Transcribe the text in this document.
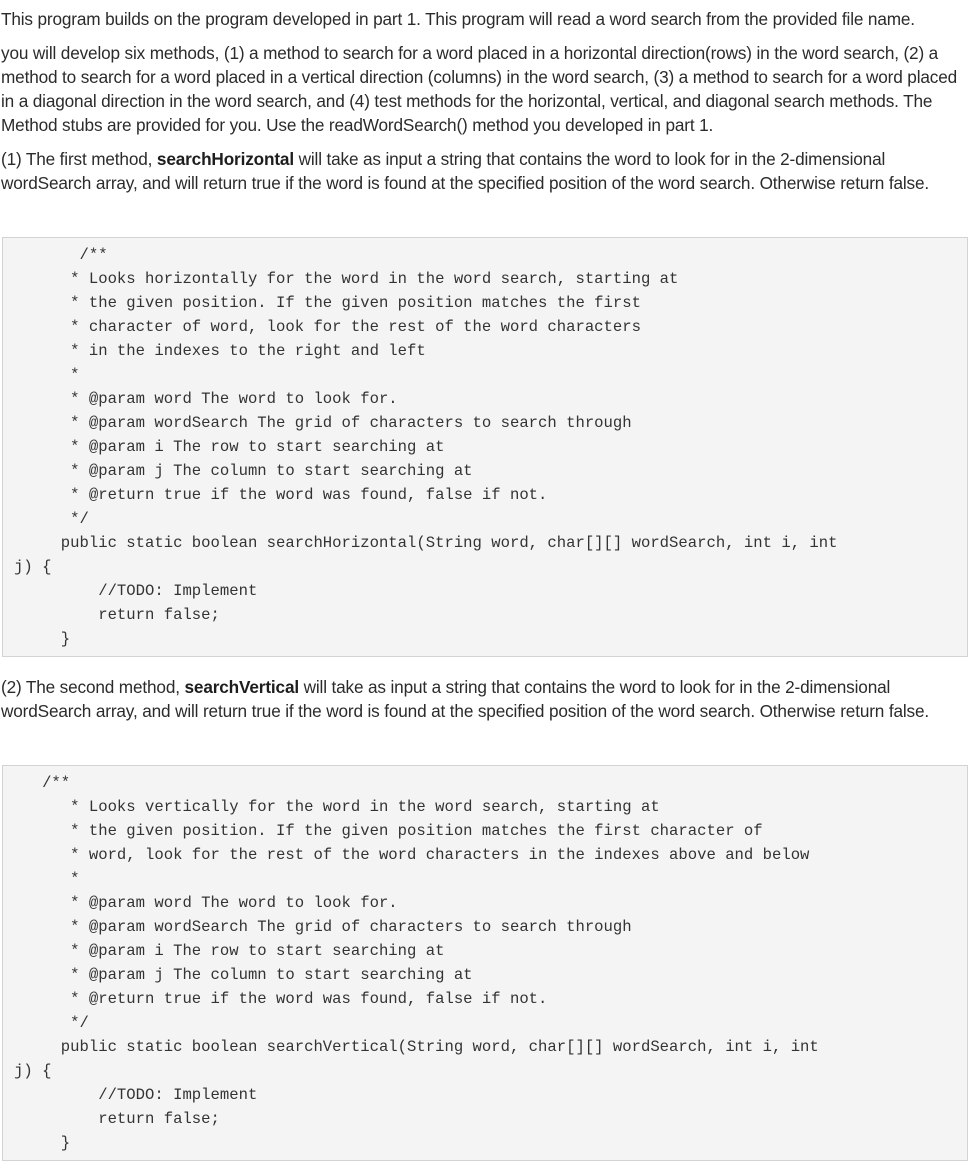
This program builds on the program developed in part 1. This program will read a word search from the provided file name.

you will develop six methods, (1) a method to search for a word placed in a horizontal direction(rows) in the word search, (2) a method to search for a word placed in a vertical direction (columns) in the word search, (3) a method to search for a word placed in a diagonal direction in the word search, and (4) test methods for the horizontal, vertical, and diagonal search methods. The Method stubs are provided for you. Use the readWordSearch() method you developed in part 1.

(1) The first method, searchHorizontal will take as input a string that contains the word to look for in the 2-dimensional wordSearch array, and will return true if the word is found at the specified position of the word search. Otherwise return false.

/**
* Looks horizontally for the word in the word search, starting at
* the given position. If the given position matches the first
* character of word, look for the rest of the word characters
* in the indexes to the right and left
*
* @param word The word to look for.
* @param wordSearch The grid of characters to search through
* @param i The row to start searching at
* @param j The column to start searching at
* @return true if the word was found, false if not.
*/
public static boolean searchHorizontal(String word, char[][] wordSearch, int i, int
j) {
//TODO: Implement
return false;
}

(2) The second method, searchVertical will take as input a string that contains the word to look for in the 2-dimensional wordSearch array, and will return true if the word is found at the specified position of the word search. Otherwise return false.

/**
* Looks vertically for the word in the word search, starting at
* the given position. If the given position matches the first character of
* word, look for the rest of the word characters in the indexes above and below
*
* @param word The word to look for.
* @param wordSearch The grid of characters to search through
* @param i The row to start searching at
* @param j The column to start searching at
* @return true if the word was found, false if not.
*/
public static boolean searchVertical(String word, char[][] wordSearch, int i, int
j) {
//TODO: Implement
return false;
}
